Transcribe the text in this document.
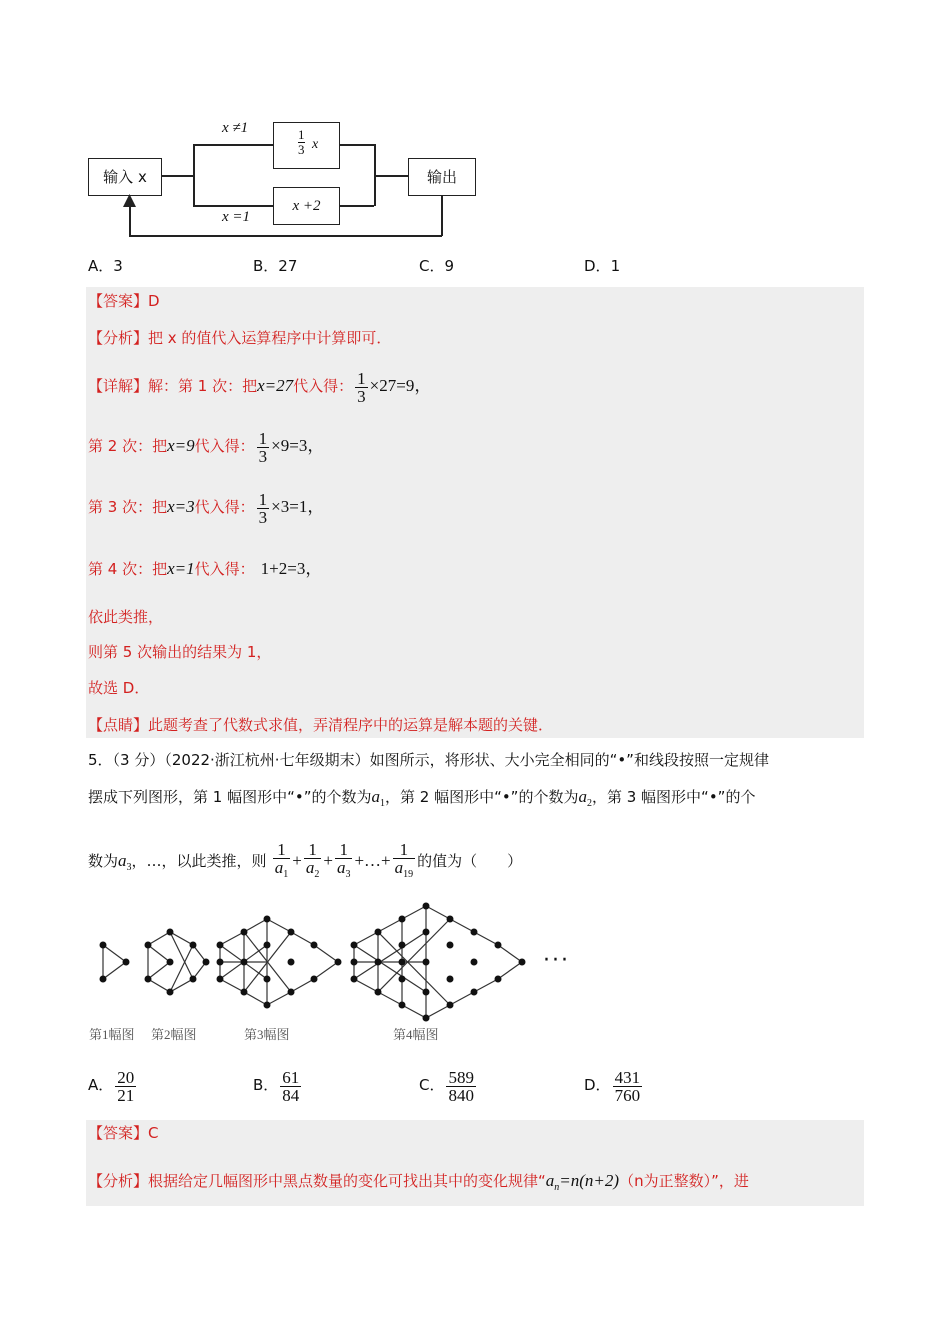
输入 x	输出
$\frac{1}{3}$ x
x +2
x ≠1
x =1
A．3	B．27	C．9	D．1
【答案】D
【分析】把 x 的值代入运算程序中计算即可．
【详解】解：第 1 次：把x=27代入得： $\frac{1}{3} \times 27=9$，
第 2 次：把x=9代入得： $\frac{1}{3} \times 9=3$，
第 3 次：把x=3代入得： $\frac{1}{3} \times 3=1$，
第 4 次：把x=1代入得： 1+2=3，
依此类推，
则第 5 次输出的结果为 1，
故选 D．
【点睛】此题考查了代数式求值，弄清程序中的运算是解本题的关键．
5．（3 分）（2022·浙江杭州·七年级期末）如图所示，将形状、大小完全相同的“•”和线段按照一定规律
摆成下列图形，第 1 幅图形中“•”的个数为$a_1$，第 2 幅图形中“•”的个数为$a_2$，第 3 幅图形中“•”的个
数为$a_3$，…，以此类推，则 $\frac{1}{a_1} + \frac{1}{a_2} + \frac{1}{a_3}$ +…+ $\frac{1}{a_{19}}$ 的值为（　　）
···
第1幅图 第2幅图	第3幅图	第4幅图
A． $\frac{20}{21}$	B． $\frac{61}{84}$	C． $\frac{589}{840}$	D． $\frac{431}{760}$
【答案】C
【分析】根据给定几幅图形中黑点数量的变化可找出其中的变化规律“$a_n=n(n+2)(n$为正整数）”，进
